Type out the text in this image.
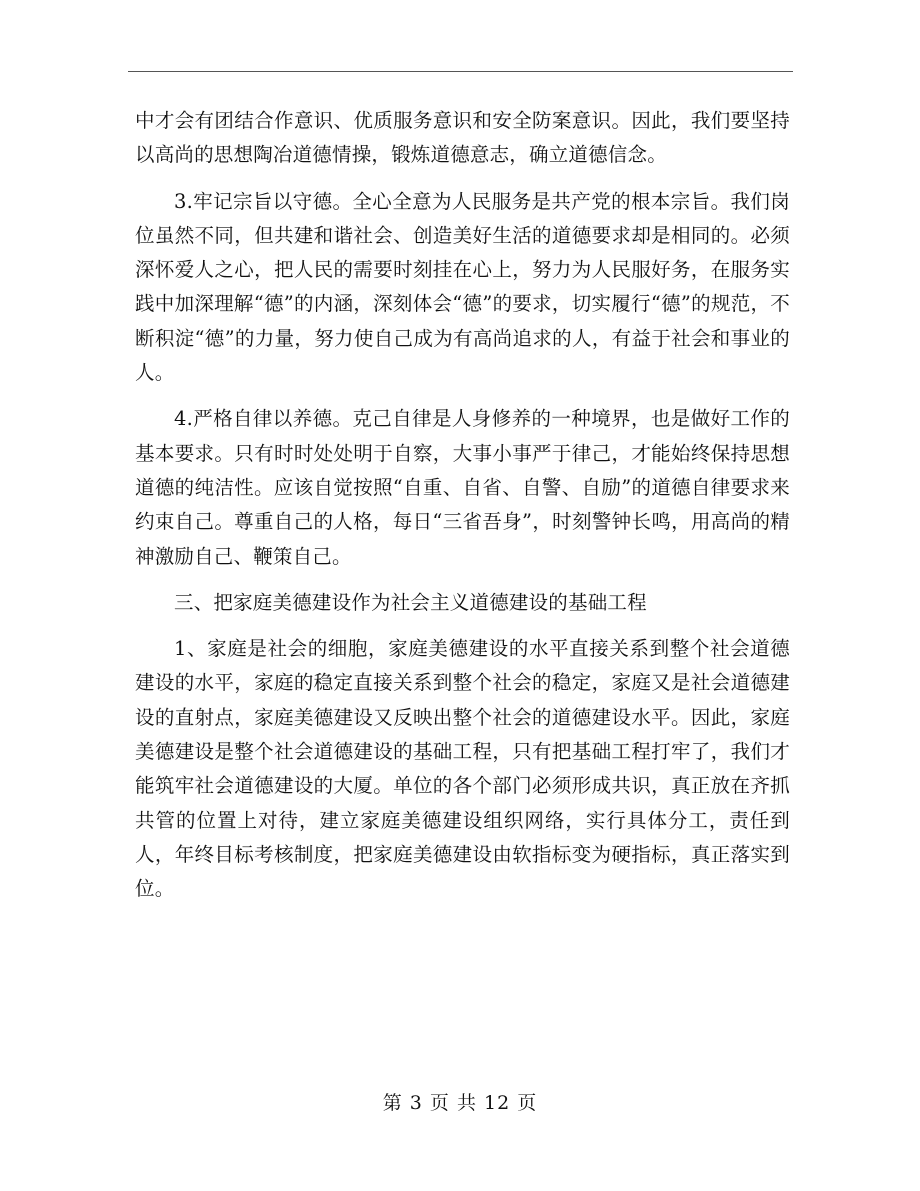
中才会有团结合作意识、优质服务意识和安全防案意识。因此，我们要坚持以高尚的思想陶冶道德情操，锻炼道德意志，确立道德信念。

3.牢记宗旨以守德。全心全意为人民服务是共产党的根本宗旨。我们岗位虽然不同，但共建和谐社会、创造美好生活的道德要求却是相同的。必须深怀爱人之心，把人民的需要时刻挂在心上，努力为人民服好务，在服务实践中加深理解“德”的内涵，深刻体会“德”的要求，切实履行“德”的规范，不断积淀“德”的力量，努力使自己成为有高尚追求的人，有益于社会和事业的人。

4.严格自律以养德。克己自律是人身修养的一种境界，也是做好工作的基本要求。只有时时处处明于自察，大事小事严于律己，才能始终保持思想道德的纯洁性。应该自觉按照“自重、自省、自警、自励”的道德自律要求来约束自己。尊重自己的人格，每日“三省吾身”，时刻警钟长鸣，用高尚的精神激励自己、鞭策自己。

三、把家庭美德建设作为社会主义道德建设的基础工程

1、家庭是社会的细胞，家庭美德建设的水平直接关系到整个社会道德建设的水平，家庭的稳定直接关系到整个社会的稳定，家庭又是社会道德建设的直射点，家庭美德建设又反映出整个社会的道德建设水平。因此，家庭美德建设是整个社会道德建设的基础工程，只有把基础工程打牢了，我们才能筑牢社会道德建设的大厦。单位的各个部门必须形成共识，真正放在齐抓共管的位置上对待，建立家庭美德建设组织网络，实行具体分工，责任到人，年终目标考核制度，把家庭美德建设由软指标变为硬指标，真正落实到位。

第 3 页 共 12 页
